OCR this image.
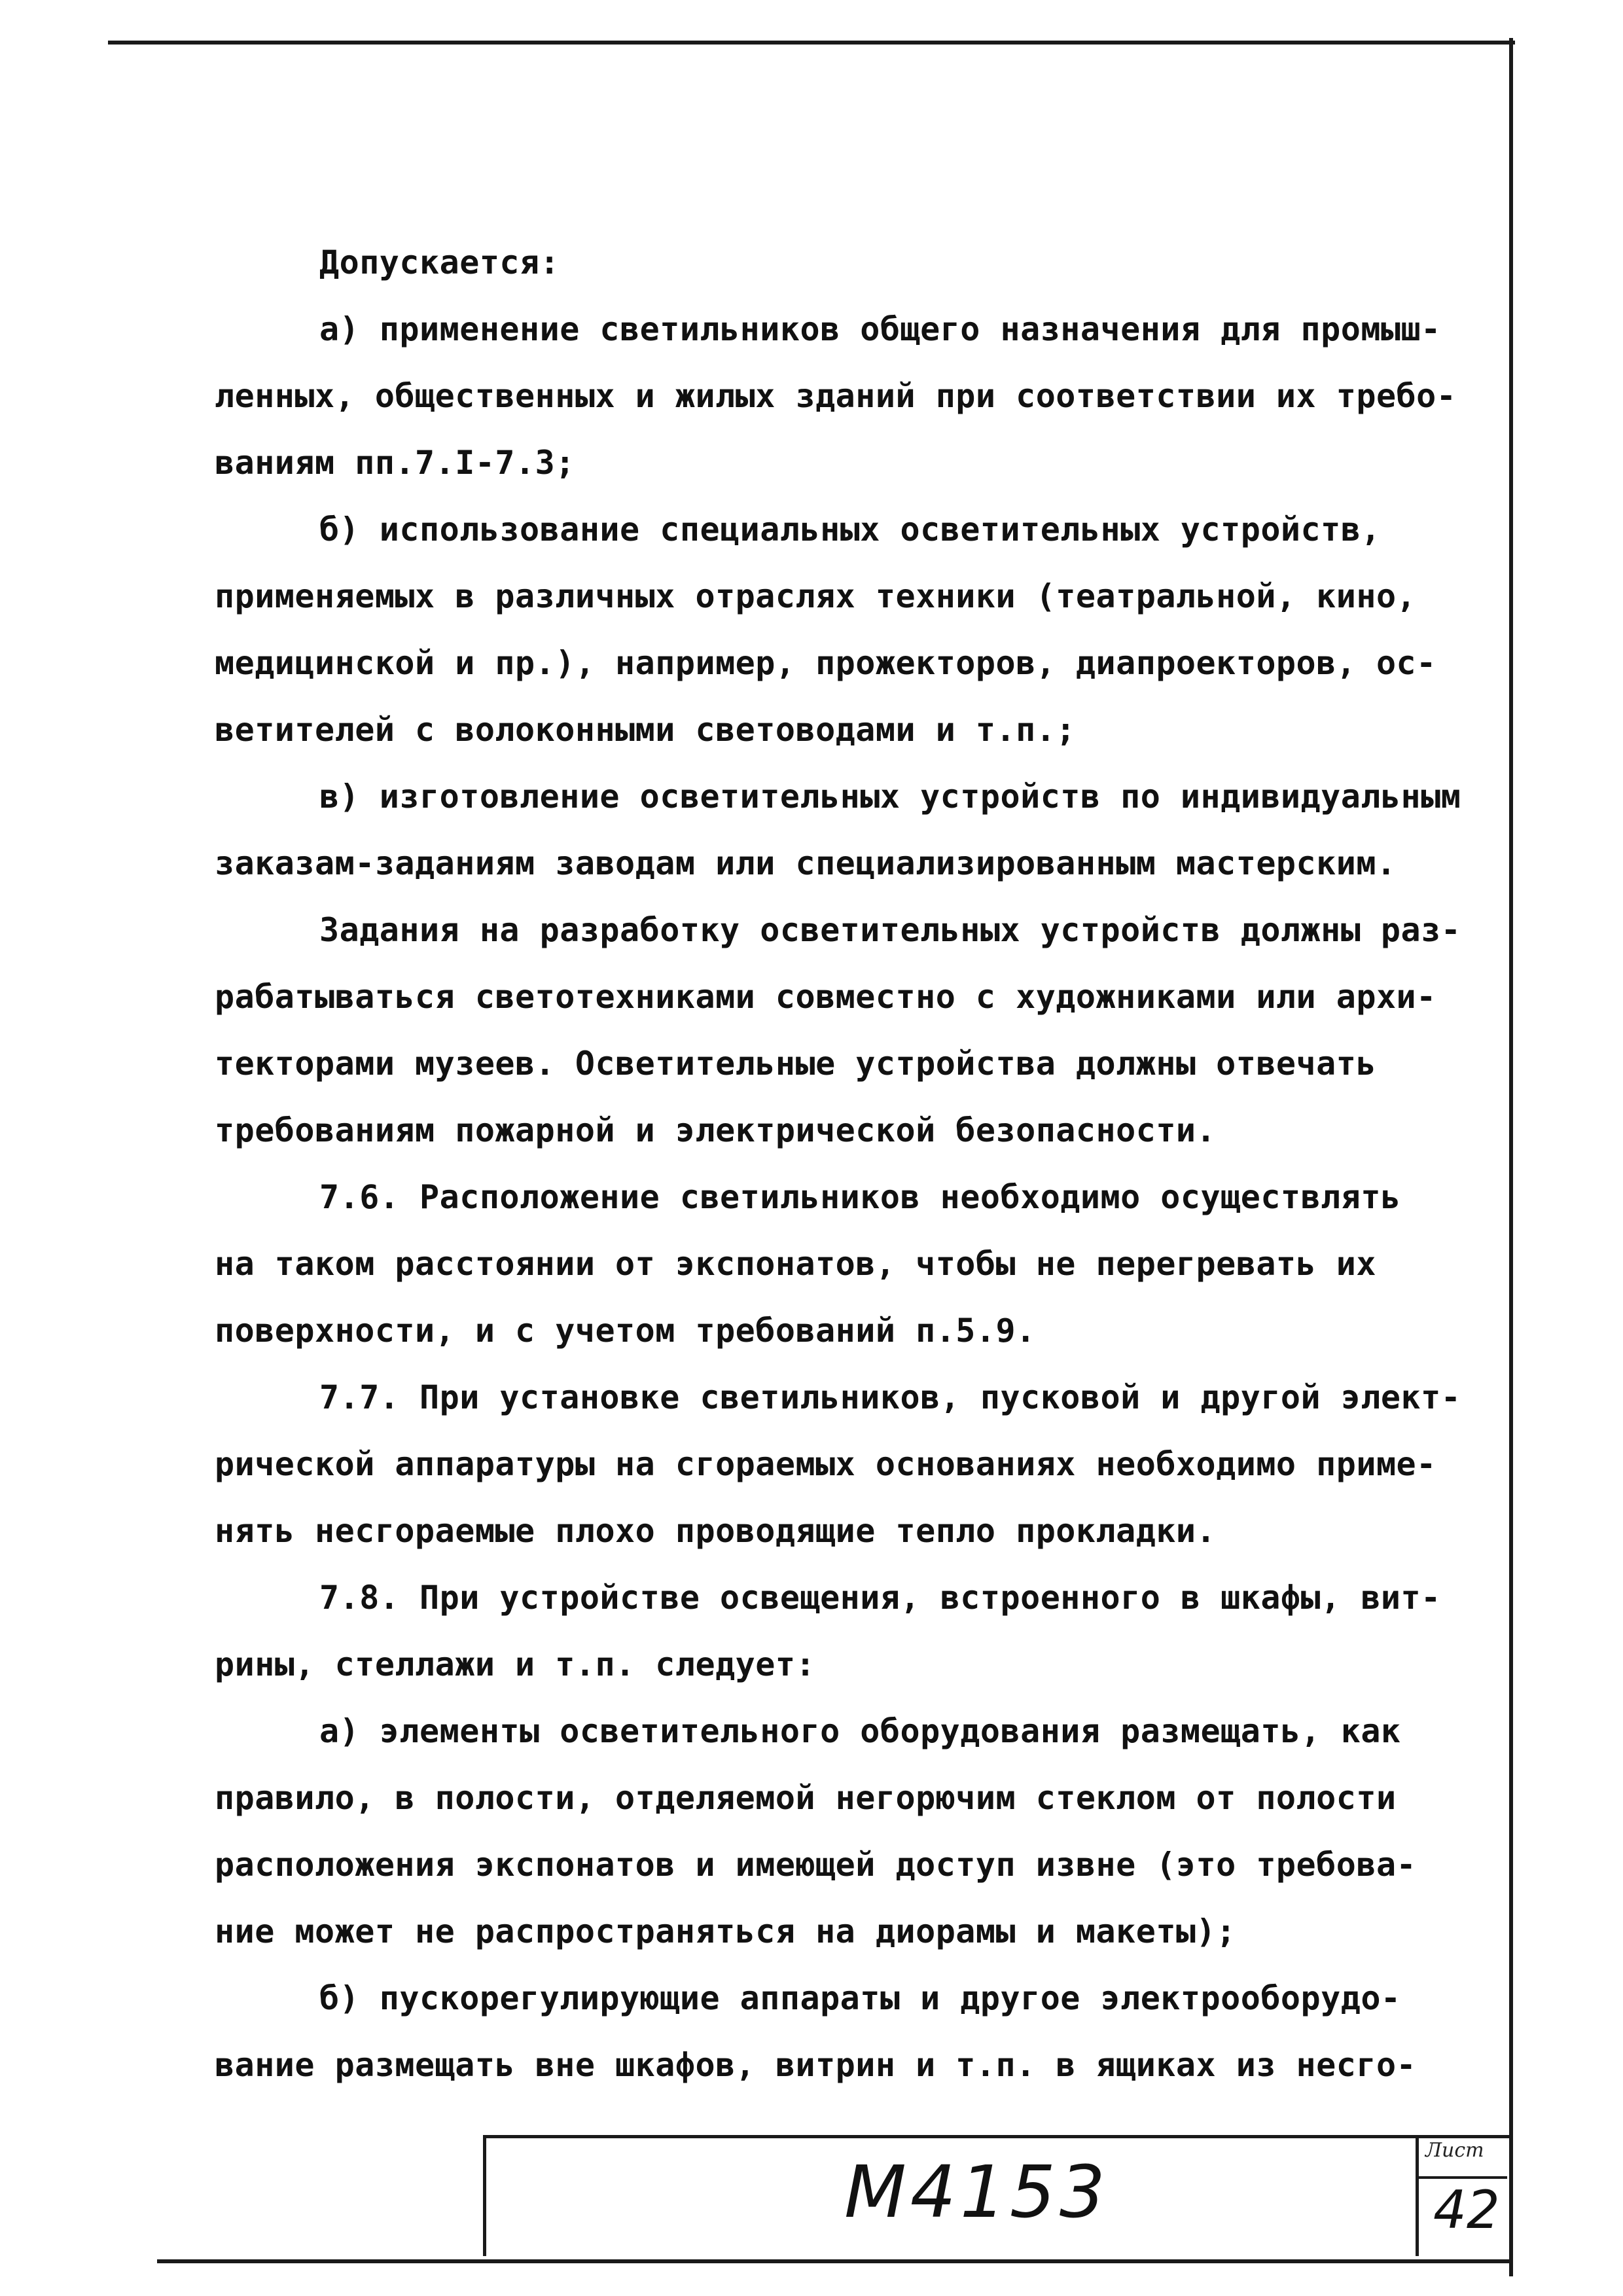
Допускается:
а) применение светильников общего назначения для промыш-
ленных, общественных и жилых зданий при соответствии их требо-
ваниям пп.7.I-7.3;
б) использование специальных осветительных устройств,
применяемых в различных отраслях техники (театральной, кино,
медицинской и пр.), например, прожекторов, диапроекторов, ос-
ветителей с волоконными световодами и т.п.;
в) изготовление осветительных устройств по индивидуальным
заказам-заданиям заводам или специализированным мастерским.
Задания на разработку осветительных устройств должны раз-
рабатываться светотехниками совместно с художниками или архи-
текторами музеев. Осветительные устройства должны отвечать
требованиям пожарной и электрической безопасности.
7.6. Расположение светильников необходимо осуществлять
на таком расстоянии от экспонатов, чтобы не перегревать их
поверхности, и с учетом требований п.5.9.
7.7. При установке светильников, пусковой и другой элект-
рической аппаратуры на сгораемых основаниях необходимо приме-
нять несгораемые плохо проводящие тепло прокладки.
7.8. При устройстве освещения, встроенного в шкафы, вит-
рины, стеллажи и т.п. следует:
а) элементы осветительного оборудования размещать, как
правило, в полости, отделяемой негорючим стеклом от полости
расположения экспонатов и имеющей доступ извне (это требова-
ние может не распространяться на диорамы и макеты);
б) пускорегулирующие аппараты и другое электрооборудо-
вание размещать вне шкафов, витрин и т.п. в ящиках из несго-
М4153	Лист
42
